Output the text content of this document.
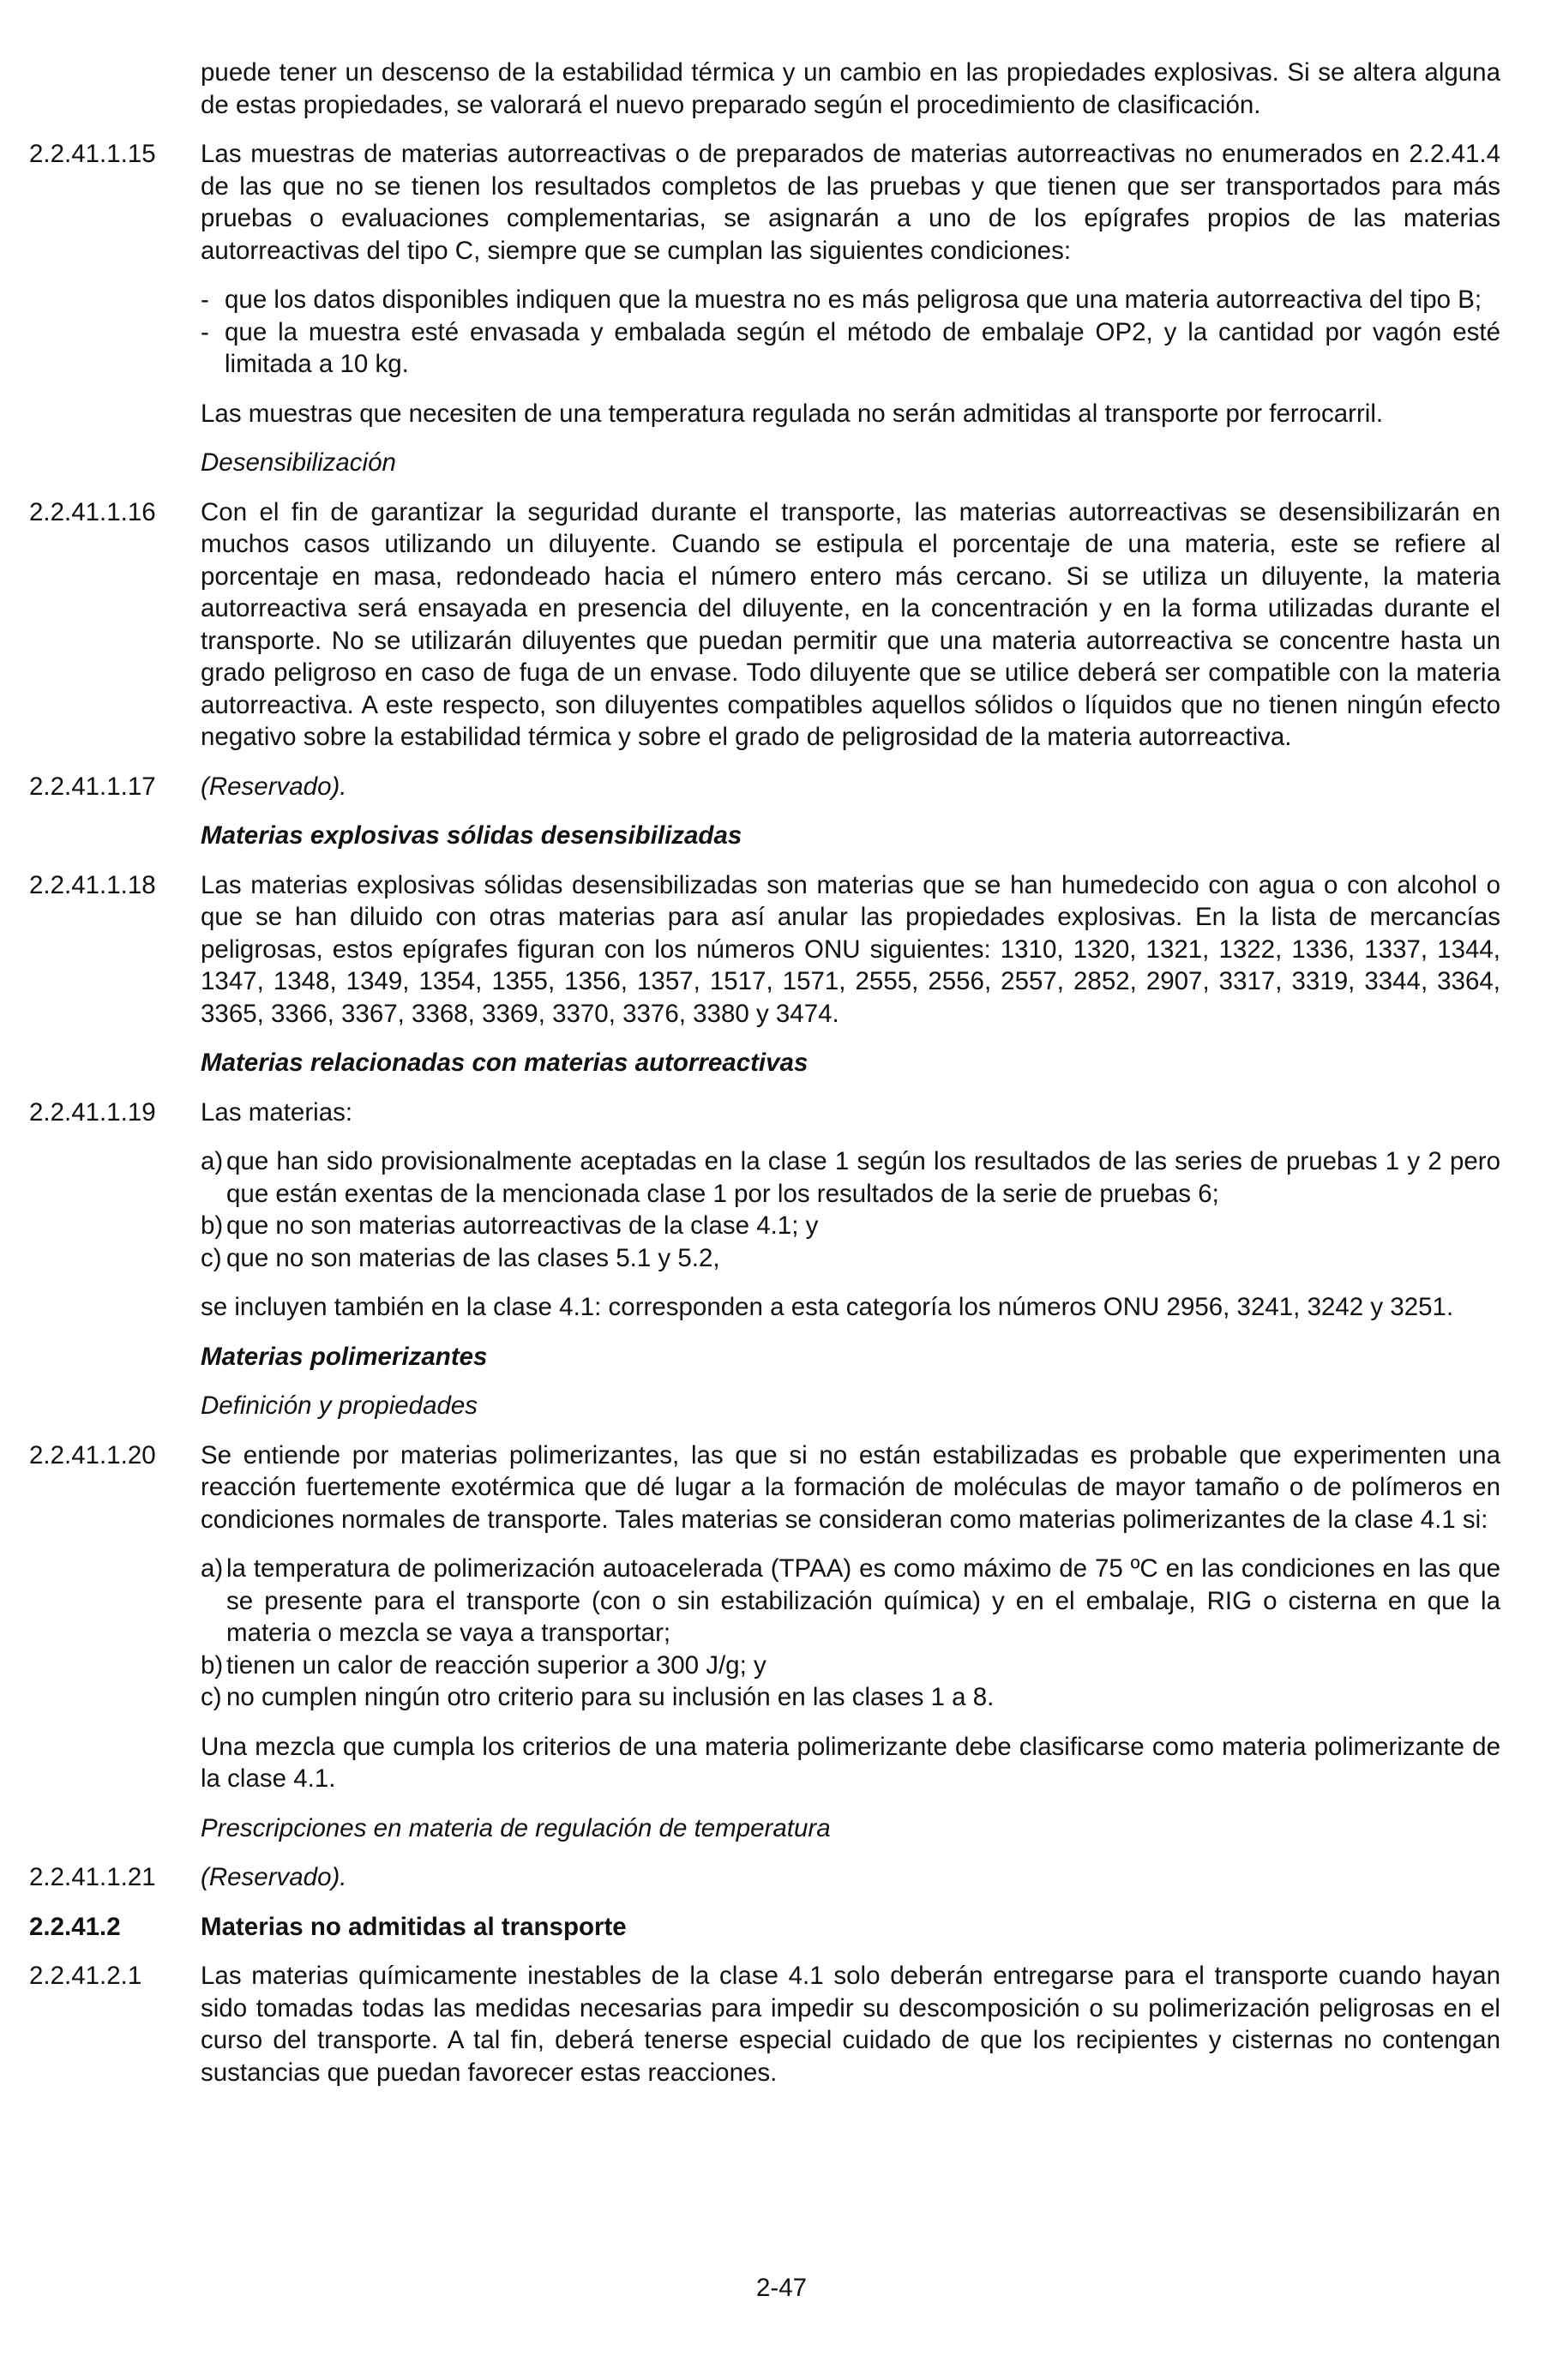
puede tener un descenso de la estabilidad térmica y un cambio en las propiedades explosivas. Si se altera alguna de estas propiedades, se valorará el nuevo preparado según el procedimiento de clasificación.

2.2.41.1.15	Las muestras de materias autorreactivas o de preparados de materias autorreactivas no enumerados en 2.2.41.4 de las que no se tienen los resultados completos de las pruebas y que tienen que ser transportados para más pruebas o evaluaciones complementarias, se asignarán a uno de los epígrafes propios de las materias autorreactivas del tipo C, siempre que se cumplan las siguientes condiciones:

- que los datos disponibles indiquen que la muestra no es más peligrosa que una materia autorreactiva del tipo B;
- que la muestra esté envasada y embalada según el método de embalaje OP2, y la cantidad por vagón esté limitada a 10 kg.

Las muestras que necesiten de una temperatura regulada no serán admitidas al transporte por ferrocarril.

Desensibilización

2.2.41.1.16	Con el fin de garantizar la seguridad durante el transporte, las materias autorreactivas se desensibilizarán en muchos casos utilizando un diluyente. Cuando se estipula el porcentaje de una materia, este se refiere al porcentaje en masa, redondeado hacia el número entero más cercano. Si se utiliza un diluyente, la materia autorreactiva será ensayada en presencia del diluyente, en la concentración y en la forma utilizadas durante el transporte. No se utilizarán diluyentes que puedan permitir que una materia autorreactiva se concentre hasta un grado peligroso en caso de fuga de un envase. Todo diluyente que se utilice deberá ser compatible con la materia autorreactiva. A este respecto, son diluyentes compatibles aquellos sólidos o líquidos que no tienen ningún efecto negativo sobre la estabilidad térmica y sobre el grado de peligrosidad de la materia autorreactiva.

2.2.41.1.17	(Reservado).

Materias explosivas sólidas desensibilizadas

2.2.41.1.18	Las materias explosivas sólidas desensibilizadas son materias que se han humedecido con agua o con alcohol o que se han diluido con otras materias para así anular las propiedades explosivas. En la lista de mercancías peligrosas, estos epígrafes figuran con los números ONU siguientes: 1310, 1320, 1321, 1322, 1336, 1337, 1344, 1347, 1348, 1349, 1354, 1355, 1356, 1357, 1517, 1571, 2555, 2556, 2557, 2852, 2907, 3317, 3319, 3344, 3364, 3365, 3366, 3367, 3368, 3369, 3370, 3376, 3380 y 3474.

Materias relacionadas con materias autorreactivas

2.2.41.1.19	Las materias:

a) que han sido provisionalmente aceptadas en la clase 1 según los resultados de las series de pruebas 1 y 2 pero que están exentas de la mencionada clase 1 por los resultados de la serie de pruebas 6;
b) que no son materias autorreactivas de la clase 4.1; y
c) que no son materias de las clases 5.1 y 5.2,

se incluyen también en la clase 4.1: corresponden a esta categoría los números ONU 2956, 3241, 3242 y 3251.

Materias polimerizantes

Definición y propiedades

2.2.41.1.20	Se entiende por materias polimerizantes, las que si no están estabilizadas es probable que experimenten una reacción fuertemente exotérmica que dé lugar a la formación de moléculas de mayor tamaño o de polímeros en condiciones normales de transporte. Tales materias se consideran como materias polimerizantes de la clase 4.1 si:

a) la temperatura de polimerización autoacelerada (TPAA) es como máximo de 75 ºC en las condiciones en las que se presente para el transporte (con o sin estabilización química) y en el embalaje, RIG o cisterna en que la materia o mezcla se vaya a transportar;
b) tienen un calor de reacción superior a 300 J/g; y
c) no cumplen ningún otro criterio para su inclusión en las clases 1 a 8.

Una mezcla que cumpla los criterios de una materia polimerizante debe clasificarse como materia polimerizante de la clase 4.1.

Prescripciones en materia de regulación de temperatura

2.2.41.1.21	(Reservado).

2.2.41.2	Materias no admitidas al transporte

2.2.41.2.1	Las materias químicamente inestables de la clase 4.1 solo deberán entregarse para el transporte cuando hayan sido tomadas todas las medidas necesarias para impedir su descomposición o su polimerización peligrosas en el curso del transporte. A tal fin, deberá tenerse especial cuidado de que los recipientes y cisternas no contengan sustancias que puedan favorecer estas reacciones.

2-47
